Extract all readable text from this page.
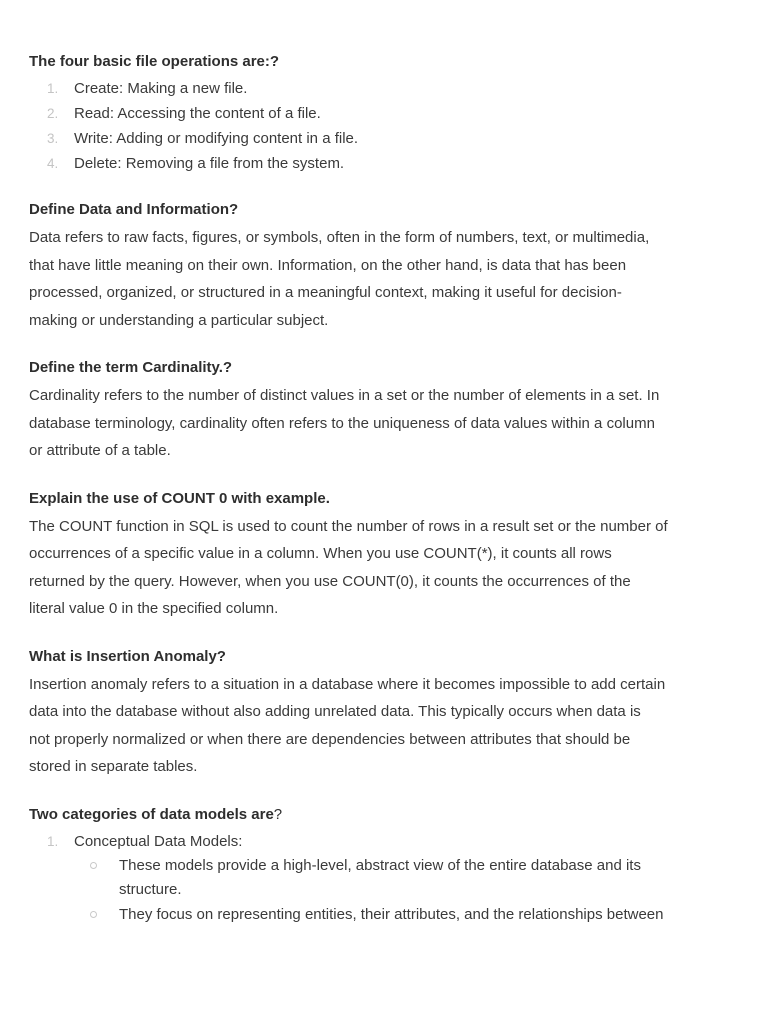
The four basic file operations are:?

1. Create: Making a new file.
2. Read: Accessing the content of a file.
3. Write: Adding or modifying content in a file.
4. Delete: Removing a file from the system.

Define Data and Information?

Data refers to raw facts, figures, or symbols, often in the form of numbers, text, or multimedia,

that have little meaning on their own. Information, on the other hand, is data that has been

processed, organized, or structured in a meaningful context, making it useful for decision-

making or understanding a particular subject.

Define the term Cardinality.?

Cardinality refers to the number of distinct values in a set or the number of elements in a set. In

database terminology, cardinality often refers to the uniqueness of data values within a column

or attribute of a table.

Explain the use of COUNT 0 with example.

The COUNT function in SQL is used to count the number of rows in a result set or the number of

occurrences of a specific value in a column. When you use COUNT(*), it counts all rows

returned by the query. However, when you use COUNT(0), it counts the occurrences of the

literal value 0 in the specified column.

What is Insertion Anomaly?

Insertion anomaly refers to a situation in a database where it becomes impossible to add certain

data into the database without also adding unrelated data. This typically occurs when data is

not properly normalized or when there are dependencies between attributes that should be

stored in separate tables.

Two categories of data models are?

1. Conceptual Data Models:
These models provide a high-level, abstract view of the entire database and its
structure.
They focus on representing entities, their attributes, and the relationships between
